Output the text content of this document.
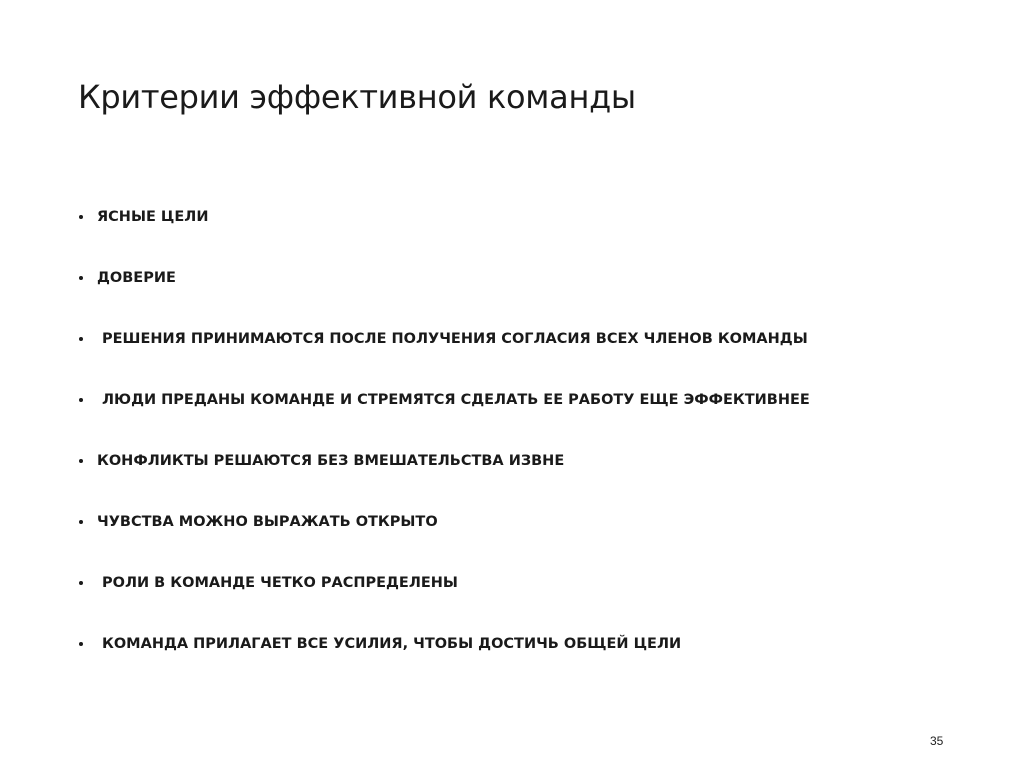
Критерии эффективной команды
ЯСНЫЕ ЦЕЛИ
ДОВЕРИЕ
РЕШЕНИЯ ПРИНИМАЮТСЯ ПОСЛЕ ПОЛУЧЕНИЯ СОГЛАСИЯ ВСЕХ ЧЛЕНОВ КОМАНДЫ
ЛЮДИ ПРЕДАНЫ КОМАНДЕ И СТРЕМЯТСЯ СДЕЛАТЬ ЕЕ РАБОТУ ЕЩЕ ЭФФЕКТИВНЕЕ
КОНФЛИКТЫ РЕШАЮТСЯ БЕЗ ВМЕШАТЕЛЬСТВА ИЗВНЕ
ЧУВСТВА МОЖНО ВЫРАЖАТЬ ОТКРЫТО
РОЛИ В КОМАНДЕ ЧЕТКО РАСПРЕДЕЛЕНЫ
КОМАНДА ПРИЛАГАЕТ ВСЕ УСИЛИЯ, ЧТОБЫ ДОСТИЧЬ ОБЩЕЙ ЦЕЛИ
35
